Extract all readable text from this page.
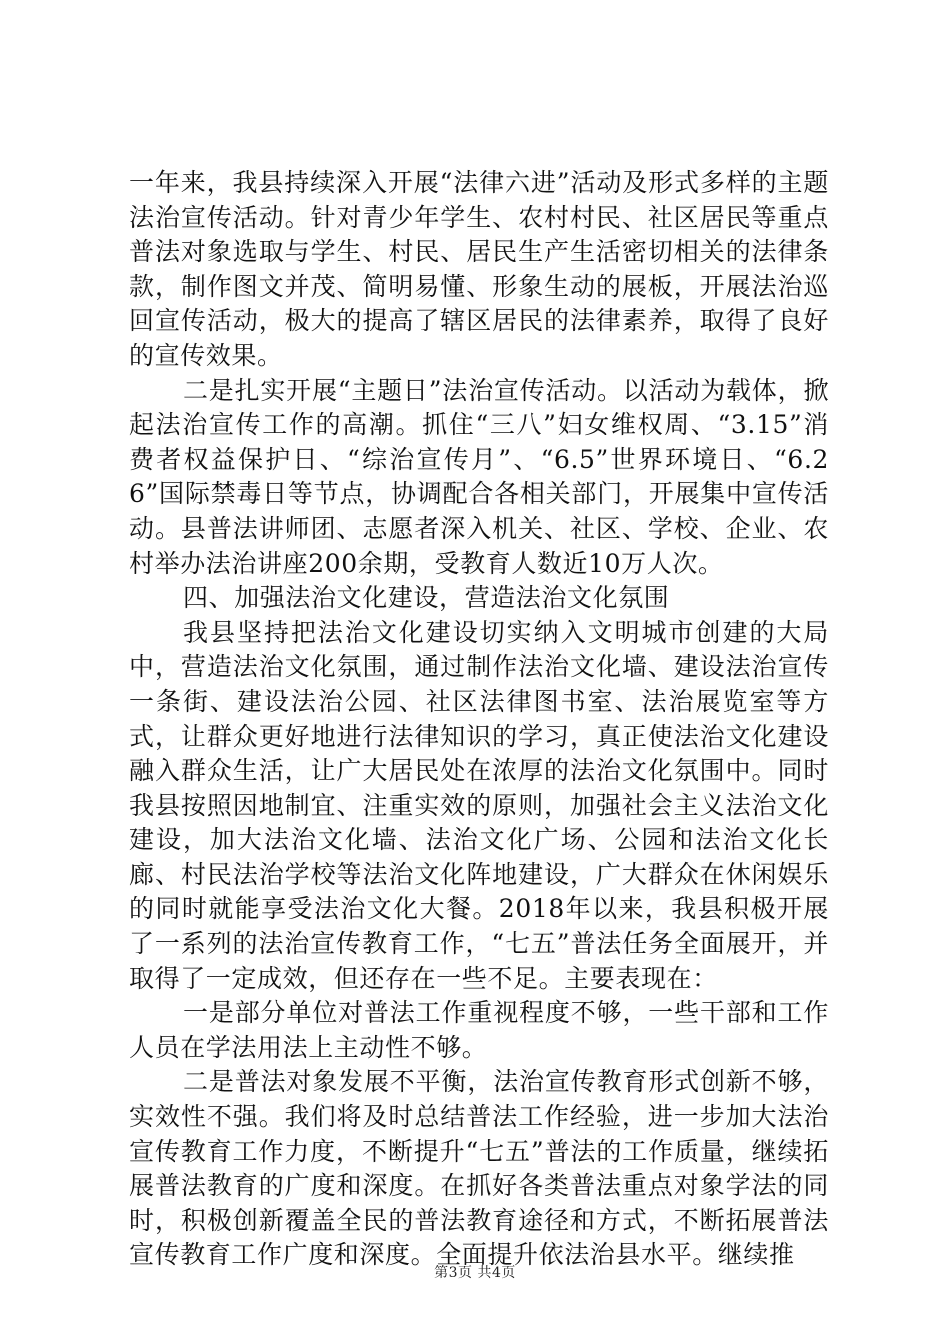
一年来，我县持续深入开展“法律六进”活动及形式多样的主题法治宣传活动。针对青少年学生、农村村民、社区居民等重点普法对象选取与学生、村民、居民生产生活密切相关的法律条款，制作图文并茂、简明易懂、形象生动的展板，开展法治巡回宣传活动，极大的提高了辖区居民的法律素养，取得了良好的宣传效果。

二是扎实开展“主题日”法治宣传活动。以活动为载体，掀起法治宣传工作的高潮。抓住“三八”妇女维权周、“3.15”消费者权益保护日、“综治宣传月”、“6.5”世界环境日、“6.26”国际禁毒日等节点，协调配合各相关部门，开展集中宣传活动。县普法讲师团、志愿者深入机关、社区、学校、企业、农村举办法治讲座200余期，受教育人数近10万人次。

四、加强法治文化建设，营造法治文化氛围

我县坚持把法治文化建设切实纳入文明城市创建的大局中，营造法治文化氛围，通过制作法治文化墙、建设法治宣传一条街、建设法治公园、社区法律图书室、法治展览室等方式，让群众更好地进行法律知识的学习，真正使法治文化建设融入群众生活，让广大居民处在浓厚的法治文化氛围中。同时我县按照因地制宜、注重实效的原则，加强社会主义法治文化建设，加大法治文化墙、法治文化广场、公园和法治文化长廊、村民法治学校等法治文化阵地建设，广大群众在休闲娱乐的同时就能享受法治文化大餐。2018年以来，我县积极开展了一系列的法治宣传教育工作，“七五”普法任务全面展开，并取得了一定成效，但还存在一些不足。主要表现在：

一是部分单位对普法工作重视程度不够，一些干部和工作人员在学法用法上主动性不够。

二是普法对象发展不平衡，法治宣传教育形式创新不够，实效性不强。我们将及时总结普法工作经验，进一步加大法治宣传教育工作力度，不断提升“七五”普法的工作质量，继续拓展普法教育的广度和深度。在抓好各类普法重点对象学法的同时，积极创新覆盖全民的普法教育途径和方式，不断拓展普法宣传教育工作广度和深度。全面提升依法治县水平。继续推

第3页 共4页
